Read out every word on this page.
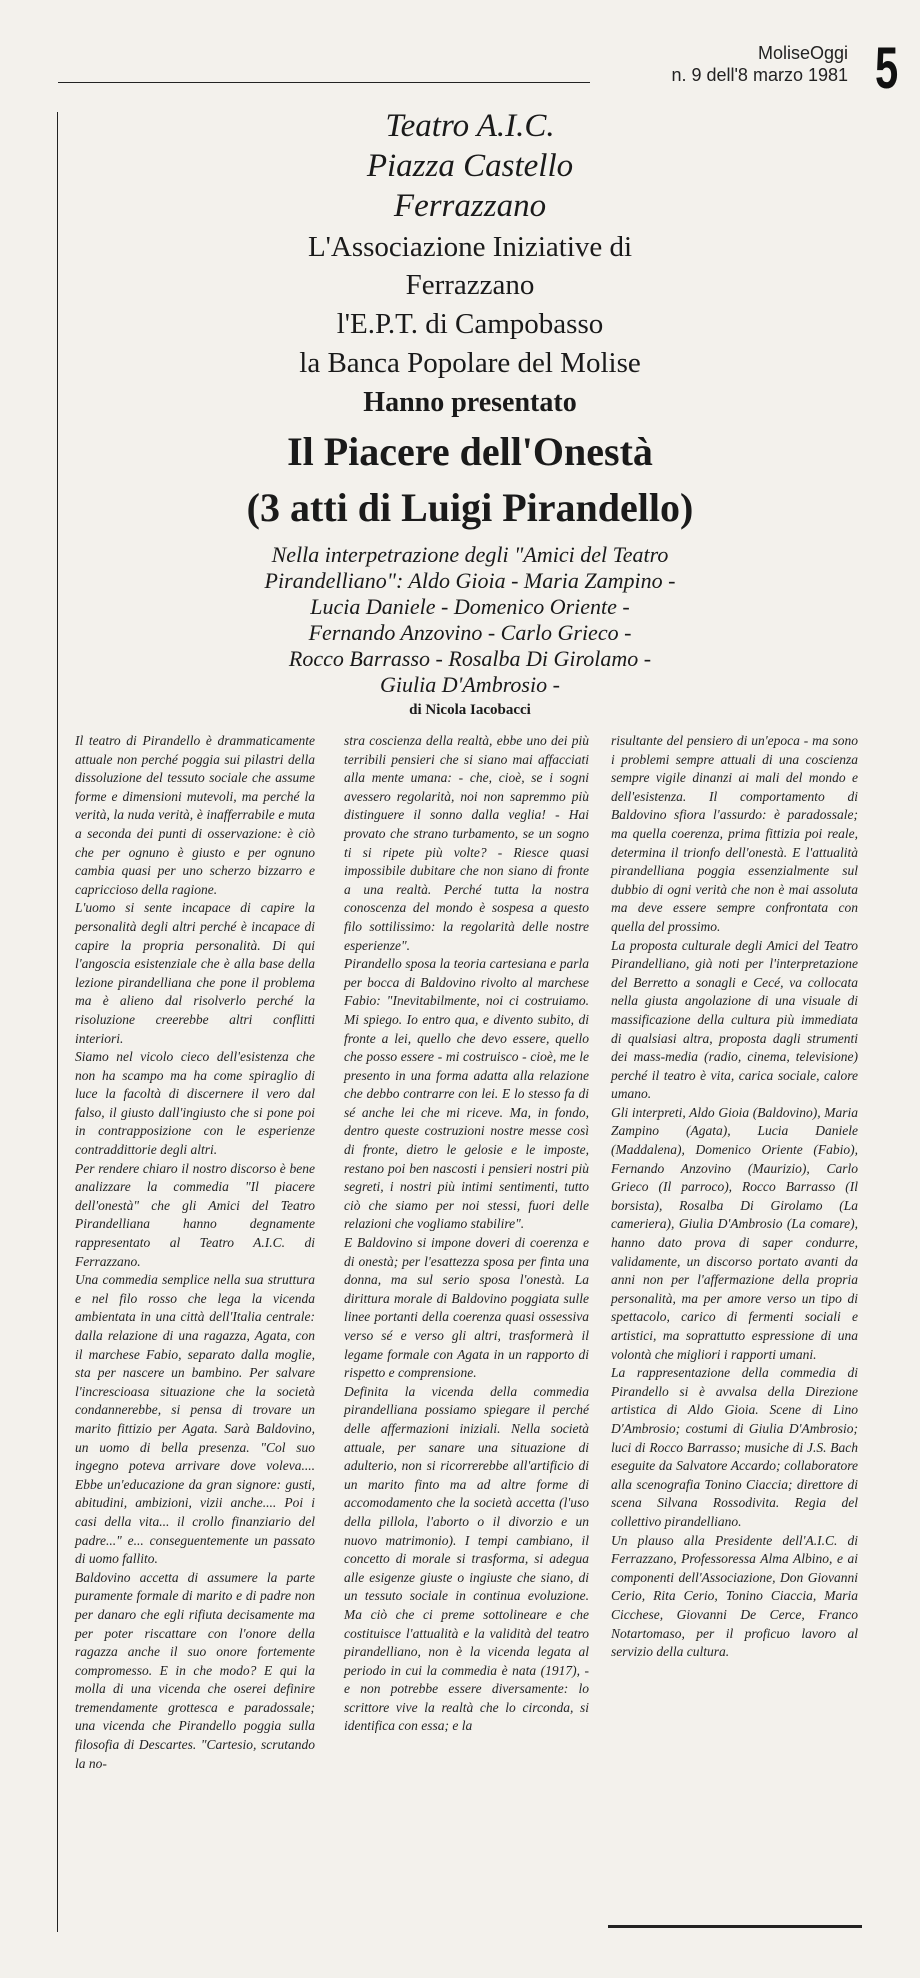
MoliseOggi
n. 9 dell'8 marzo 1981 5
Teatro A.I.C.
Piazza Castello
Ferrazzano
L'Associazione Iniziative di
Ferrazzano
l'E.P.T. di Campobasso
la Banca Popolare del Molise
Hanno presentato
Il Piacere dell'Onestà
(3 atti di Luigi Pirandello)
Nella interpetrazione degli "Amici del Teatro
Pirandelliano": Aldo Gioia - Maria Zampino -
Lucia Daniele - Domenico Oriente -
Fernando Anzovino - Carlo Grieco -
Rocco Barrasso - Rosalba Di Girolamo -
Giulia D'Ambrosio -
di Nicola Iacobacci

Il teatro di Pirandello è drammaticamente attuale non perché poggia sui pilastri della dissoluzione del tessuto sociale che assume forme e dimensioni mutevoli, ma perché la verità, la nuda verità, è inafferrabile e muta a seconda dei punti di osservazione: è ciò che per ognuno è giusto e per ognuno cambia quasi per uno scherzo bizzarro e capriccioso della ragione.

L'uomo si sente incapace di capire la personalità degli altri perché è incapace di capire la propria personalità. Di qui l'angoscia esistenziale che è alla base della lezione pirandelliana che pone il problema ma è alieno dal risolverlo perché la risoluzione creerebbe altri conflitti interiori.

Siamo nel vicolo cieco dell'esistenza che non ha scampo ma ha come spiraglio di luce la facoltà di discernere il vero dal falso, il giusto dall'ingiusto che si pone poi in contrapposizione con le esperienze contraddittorie degli altri.

Per rendere chiaro il nostro discorso è bene analizzare la commedia "Il piacere dell'onestà" che gli Amici del Teatro Pirandelliana hanno degnamente rappresentato al Teatro A.I.C. di Ferrazzano.

Una commedia semplice nella sua struttura e nel filo rosso che lega la vicenda ambientata in una città dell'Italia centrale: dalla relazione di una ragazza, Agata, con il marchese Fabio, separato dalla moglie, sta per nascere un bambino. Per salvare l'increscioasa situazione che la società condannerebbe, si pensa di trovare un marito fittizio per Agata. Sarà Baldovino, un uomo di bella presenza. "Col suo ingegno poteva arrivare dove voleva.... Ebbe un'educazione da gran signore: gusti, abitudini, ambizioni, vizii anche.... Poi i casi della vita... il crollo finanziario del padre..." e... conseguentemente un passato di uomo fallito.

Baldovino accetta di assumere la parte puramente formale di marito e di padre non per danaro che egli rifiuta decisamente ma per poter riscattare con l'onore della ragazza anche il suo onore fortemente compromesso. E in che modo? E qui la molla di una vicenda che oserei definire tremendamente grottesca e paradossale; una vicenda che Pirandello poggia sulla filosofia di Descartes. "Cartesio, scrutando la no-

stra coscienza della realtà, ebbe uno dei più terribili pensieri che si siano mai affacciati alla mente umana: - che, cioè, se i sogni avessero regolarità, noi non sapremmo più distinguere il sonno dalla veglia! - Hai provato che strano turbamento, se un sogno ti si ripete più volte? - Riesce quasi impossibile dubitare che non siano di fronte a una realtà. Perché tutta la nostra conoscenza del mondo è sospesa a questo filo sottilissimo: la regolarità delle nostre esperienze".

Pirandello sposa la teoria cartesiana e parla per bocca di Baldovino rivolto al marchese Fabio: "Inevitabilmente, noi ci costruiamo. Mi spiego. Io entro qua, e divento subito, di fronte a lei, quello che devo essere, quello che posso essere - mi costruisco - cioè, me le presento in una forma adatta alla relazione che debbo contrarre con lei. E lo stesso fa di sé anche lei che mi riceve. Ma, in fondo, dentro queste costruzioni nostre messe così di fronte, dietro le gelosie e le imposte, restano poi ben nascosti i pensieri nostri più segreti, i nostri più intimi sentimenti, tutto ciò che siamo per noi stessi, fuori delle relazioni che vogliamo stabilire".

E Baldovino si impone doveri di coerenza e di onestà; per l'esattezza sposa per finta una donna, ma sul serio sposa l'onestà. La dirittura morale di Baldovino poggiata sulle linee portanti della coerenza quasi ossessiva verso sé e verso gli altri, trasformerà il legame formale con Agata in un rapporto di rispetto e comprensione.

Definita la vicenda della commedia pirandelliana possiamo spiegare il perché delle affermazioni iniziali. Nella società attuale, per sanare una situazione di adulterio, non si ricorrerebbe all'artificio di un marito finto ma ad altre forme di accomodamento che la società accetta (l'uso della pillola, l'aborto o il divorzio e un nuovo matrimonio). I tempi cambiano, il concetto di morale si trasforma, si adegua alle esigenze giuste o ingiuste che siano, di un tessuto sociale in continua evoluzione. Ma ciò che ci preme sottolineare e che costituisce l'attualità e la validità del teatro pirandelliano, non è la vicenda legata al periodo in cui la commedia è nata (1917), - e non potrebbe essere diversamente: lo scrittore vive la realtà che lo circonda, si identifica con essa; e la

risultante del pensiero di un'epoca - ma sono i problemi sempre attuali di una coscienza sempre vigile dinanzi ai mali del mondo e dell'esistenza. Il comportamento di Baldovino sfiora l'assurdo: è paradossale; ma quella coerenza, prima fittizia poi reale, determina il trionfo dell'onestà. E l'attualità pirandelliana poggia essenzialmente sul dubbio di ogni verità che non è mai assoluta ma deve essere sempre confrontata con quella del prossimo.

La proposta culturale degli Amici del Teatro Pirandelliano, già noti per l'interpretazione del Berretto a sonagli e Cecé, va collocata nella giusta angolazione di una visuale di massificazione della cultura più immediata di qualsiasi altra, proposta dagli strumenti dei mass-media (radio, cinema, televisione) perché il teatro è vita, carica sociale, calore umano.

Gli interpreti, Aldo Gioia (Baldovino), Maria Zampino (Agata), Lucia Daniele (Maddalena), Domenico Oriente (Fabio), Fernando Anzovino (Maurizio), Carlo Grieco (Il parroco), Rocco Barrasso (Il borsista), Rosalba Di Girolamo (La cameriera), Giulia D'Ambrosio (La comare), hanno dato prova di saper condurre, validamente, un discorso portato avanti da anni non per l'affermazione della propria personalità, ma per amore verso un tipo di spettacolo, carico di fermenti sociali e artistici, ma soprattutto espressione di una volontà che migliori i rapporti umani.

La rappresentazione della commedia di Pirandello si è avvalsa della Direzione artistica di Aldo Gioia. Scene di Lino D'Ambrosio; costumi di Giulia D'Ambrosio; luci di Rocco Barrasso; musiche di J.S. Bach eseguite da Salvatore Accardo; collaboratore alla scenografia Tonino Ciaccia; direttore di scena Silvana Rossodivita. Regia del collettivo pirandelliano.

Un plauso alla Presidente dell'A.I.C. di Ferrazzano, Professoressa Alma Albino, e ai componenti dell'Associazione, Don Giovanni Cerio, Rita Cerio, Tonino Ciaccia, Maria Cicchese, Giovanni De Cerce, Franco Notartomaso, per il proficuo lavoro al servizio della cultura.
